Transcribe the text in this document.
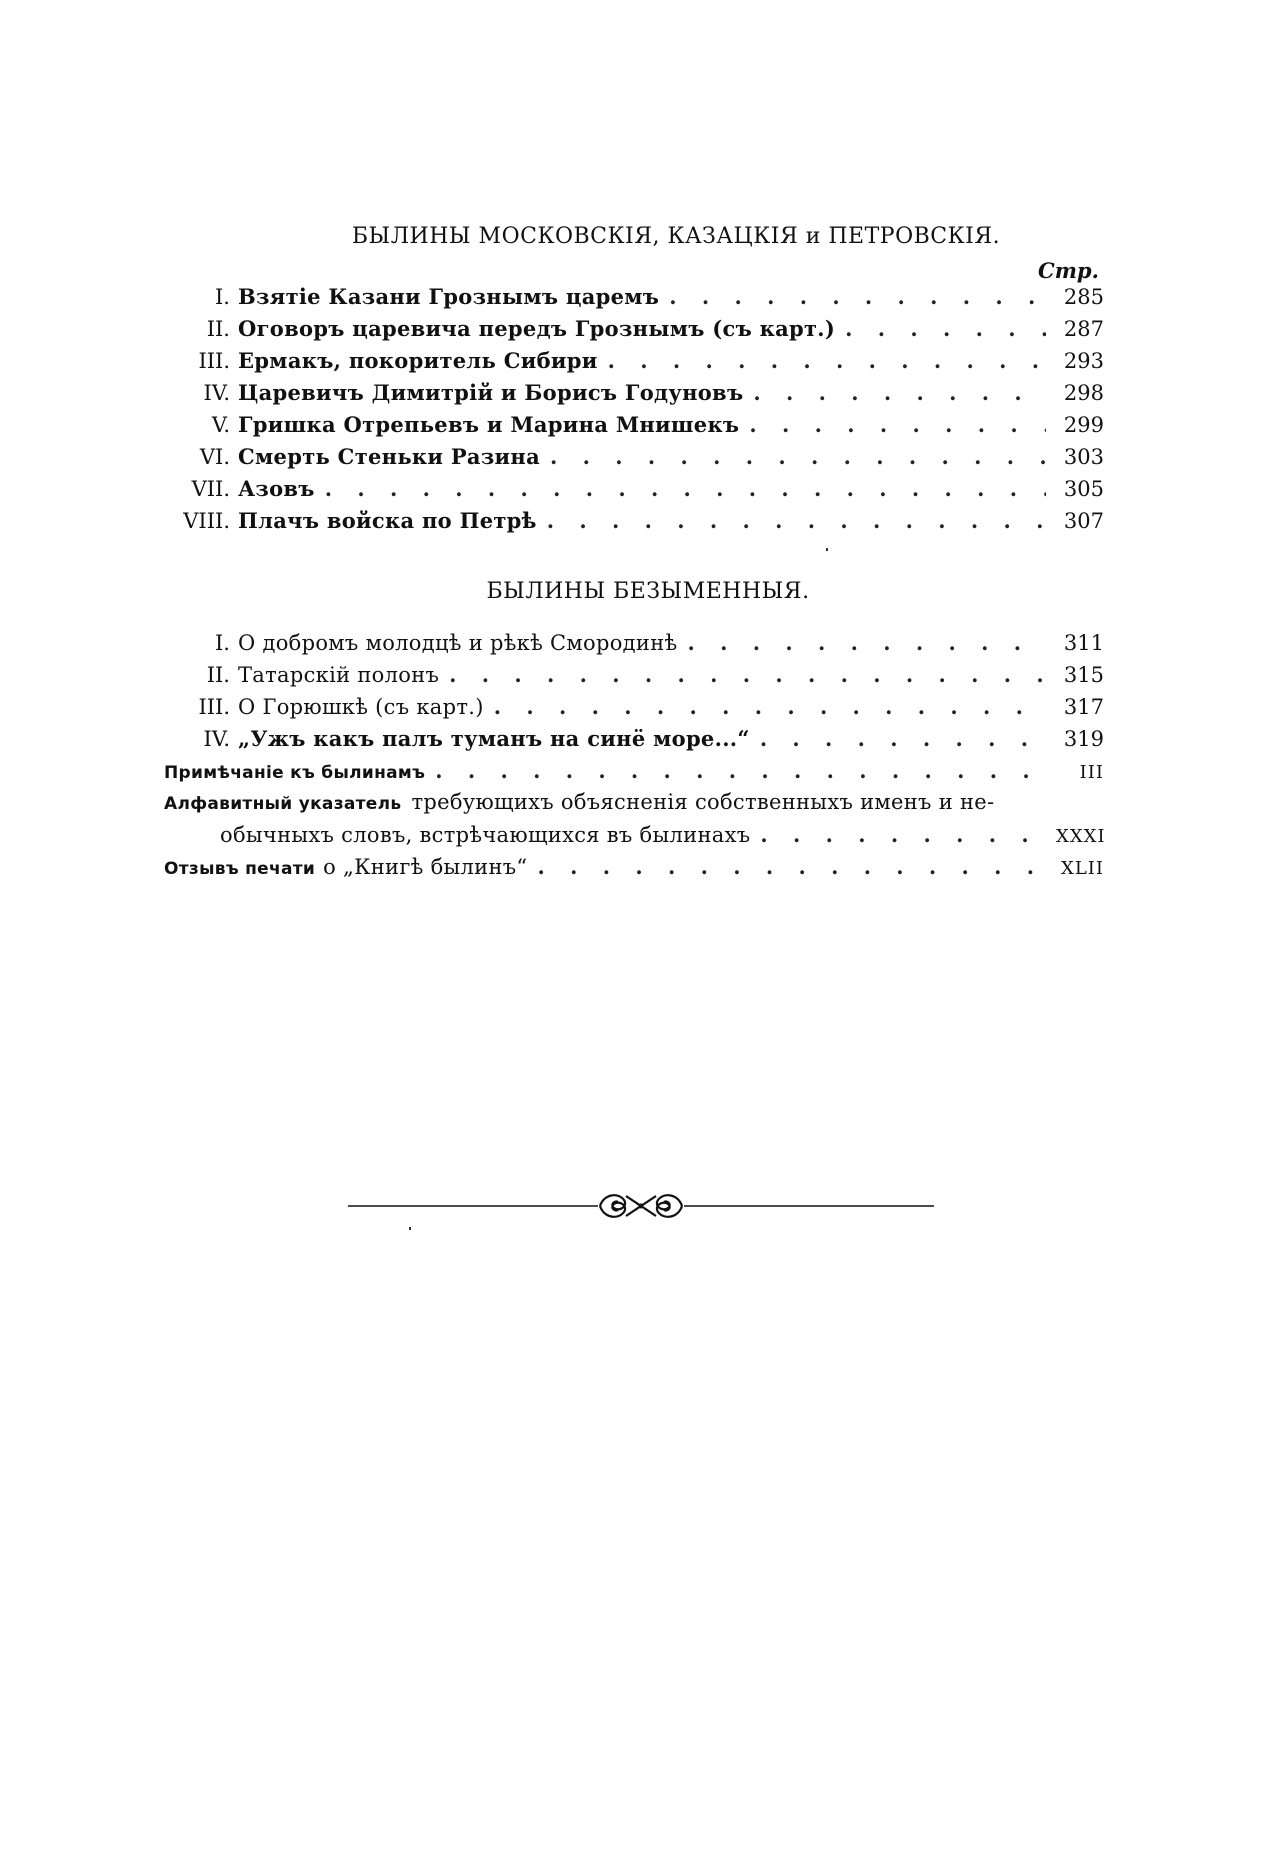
БЫЛИНЫ МОСКОВСКІЯ, КАЗАЦКІЯ и ПЕТРОВСКІЯ.
Стр.
I. Взятіе Казани Грознымъ царемъ . . .	285
II. Оговоръ царевича передъ Грознымъ (съ карт.) . . .	287
III. Ермакъ, покоритель Сибири . . .	293
IV. Царевичъ Димитрій и Борисъ Годуновъ . . .	298
V. Гришка Отрепьевъ и Марина Мнишекъ . . .	299
VI. Смерть Стеньки Разина . . .	303
VII. Азовъ . . .	305
VIII. Плачъ войска по Петрѣ . . .	307
БЫЛИНЫ БЕЗЫМЕННЫЯ.
I. О добромъ молодцѣ и рѣкѣ Смородинѣ . . .	311
II. Татарскій полонъ . . .	315
III. О Горюшкѣ (съ карт.) . . .	317
IV. „Ужъ какъ палъ туманъ на синё море...“ . . .	319
Примѣчаніе къ былинамъ . . .	III
Алфавитный указатель требующихъ объясненія собственныхъ именъ и не-
обычныхъ словъ, встрѣчающихся въ былинахъ . . .	XXXI
Отзывъ печати о „Книгѣ былинъ“ . . .	XLII
